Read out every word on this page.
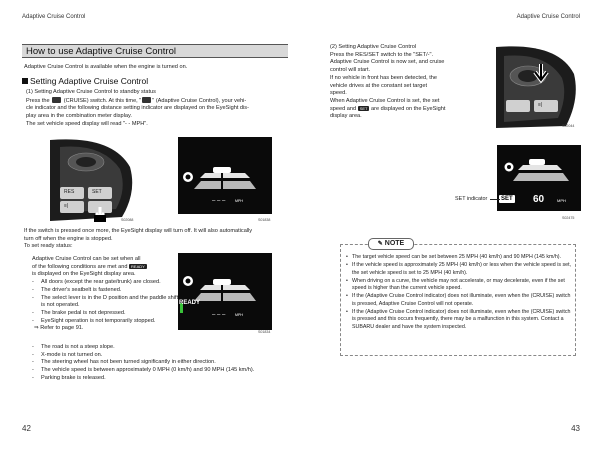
Adaptive Cruise Control	Adaptive Cruise Control
How to use Adaptive Cruise Control
Adaptive Cruise Control is available when the engine is turned on.
Setting Adaptive Cruise Control
(1) Setting Adaptive Cruise Control to standby status
Press the	(CRUISE) switch. At this time, " " (Adaptive Cruise Control), your vehi-
cle indicator and the following distance setting indicator are displayed on the EyeSight dis-
play area in the combination meter display.
The set vehicle speed display will read "- - MPH".
RES	SET
≡|
S02088
– – –	MPH
S01838
If the switch is pressed once more, the EyeSight display will turn off. It will also automatically
turn off when the engine is stopped.
To set ready status:
Adaptive Cruise Control can be set when all
of the following conditions are met and READY
is displayed on the EyeSight display area.
- All doors (except the rear gate/trunk) are closed.
- The driver's seatbelt is fastened.
- The select lever is in the D position and the paddle shift is not operated.
- The brake pedal is not depressed.
- EyeSight operation is not temporarily stopped.
⇒ Refer to page 91.
- The road is not a steep slope.
- X-mode is not turned on.
- The steering wheel has not been turned significantly in either direction.
- The vehicle speed is between approximately 0 MPH (0 km/h) and 90 MPH (145 km/h).
- Parking brake is released.
READY
– – –	MPH
S01834
42
(2) Setting Adaptive Cruise Control
Press the RES/SET switch to the "SET/-".
Adaptive Cruise Control is now set, and cruise
control will start.
If no vehicle in front has been detected, the
vehicle drives at the constant set target
speed.
When Adaptive Cruise Control is set, the set
speed and SET are displayed on the EyeSight
display area.
≡|
S02044
SET 60	MPH
SET indicator
S02475
✎ NOTE
• The target vehicle speed can be set between 25 MPH (40 km/h) and 90 MPH (145 km/h).
• If the vehicle speed is approximately 25 MPH (40 km/h) or less when the vehicle speed is set, the set vehicle speed is set to 25 MPH (40 km/h).
• When driving on a curve, the vehicle may not accelerate, or may decelerate, even if the set speed is higher than the current vehicle speed.
• If the (Adaptive Cruise Control indicator) does not illuminate, even when the (CRUISE) switch is pressed, Adaptive Cruise Control will not operate.
• If the (Adaptive Cruise Control indicator) does not illuminate, even when the (CRUISE) switch is pressed and this occurs frequently, there may be a malfunction in this system. Contact a SUBARU dealer and have the system inspected.
43
